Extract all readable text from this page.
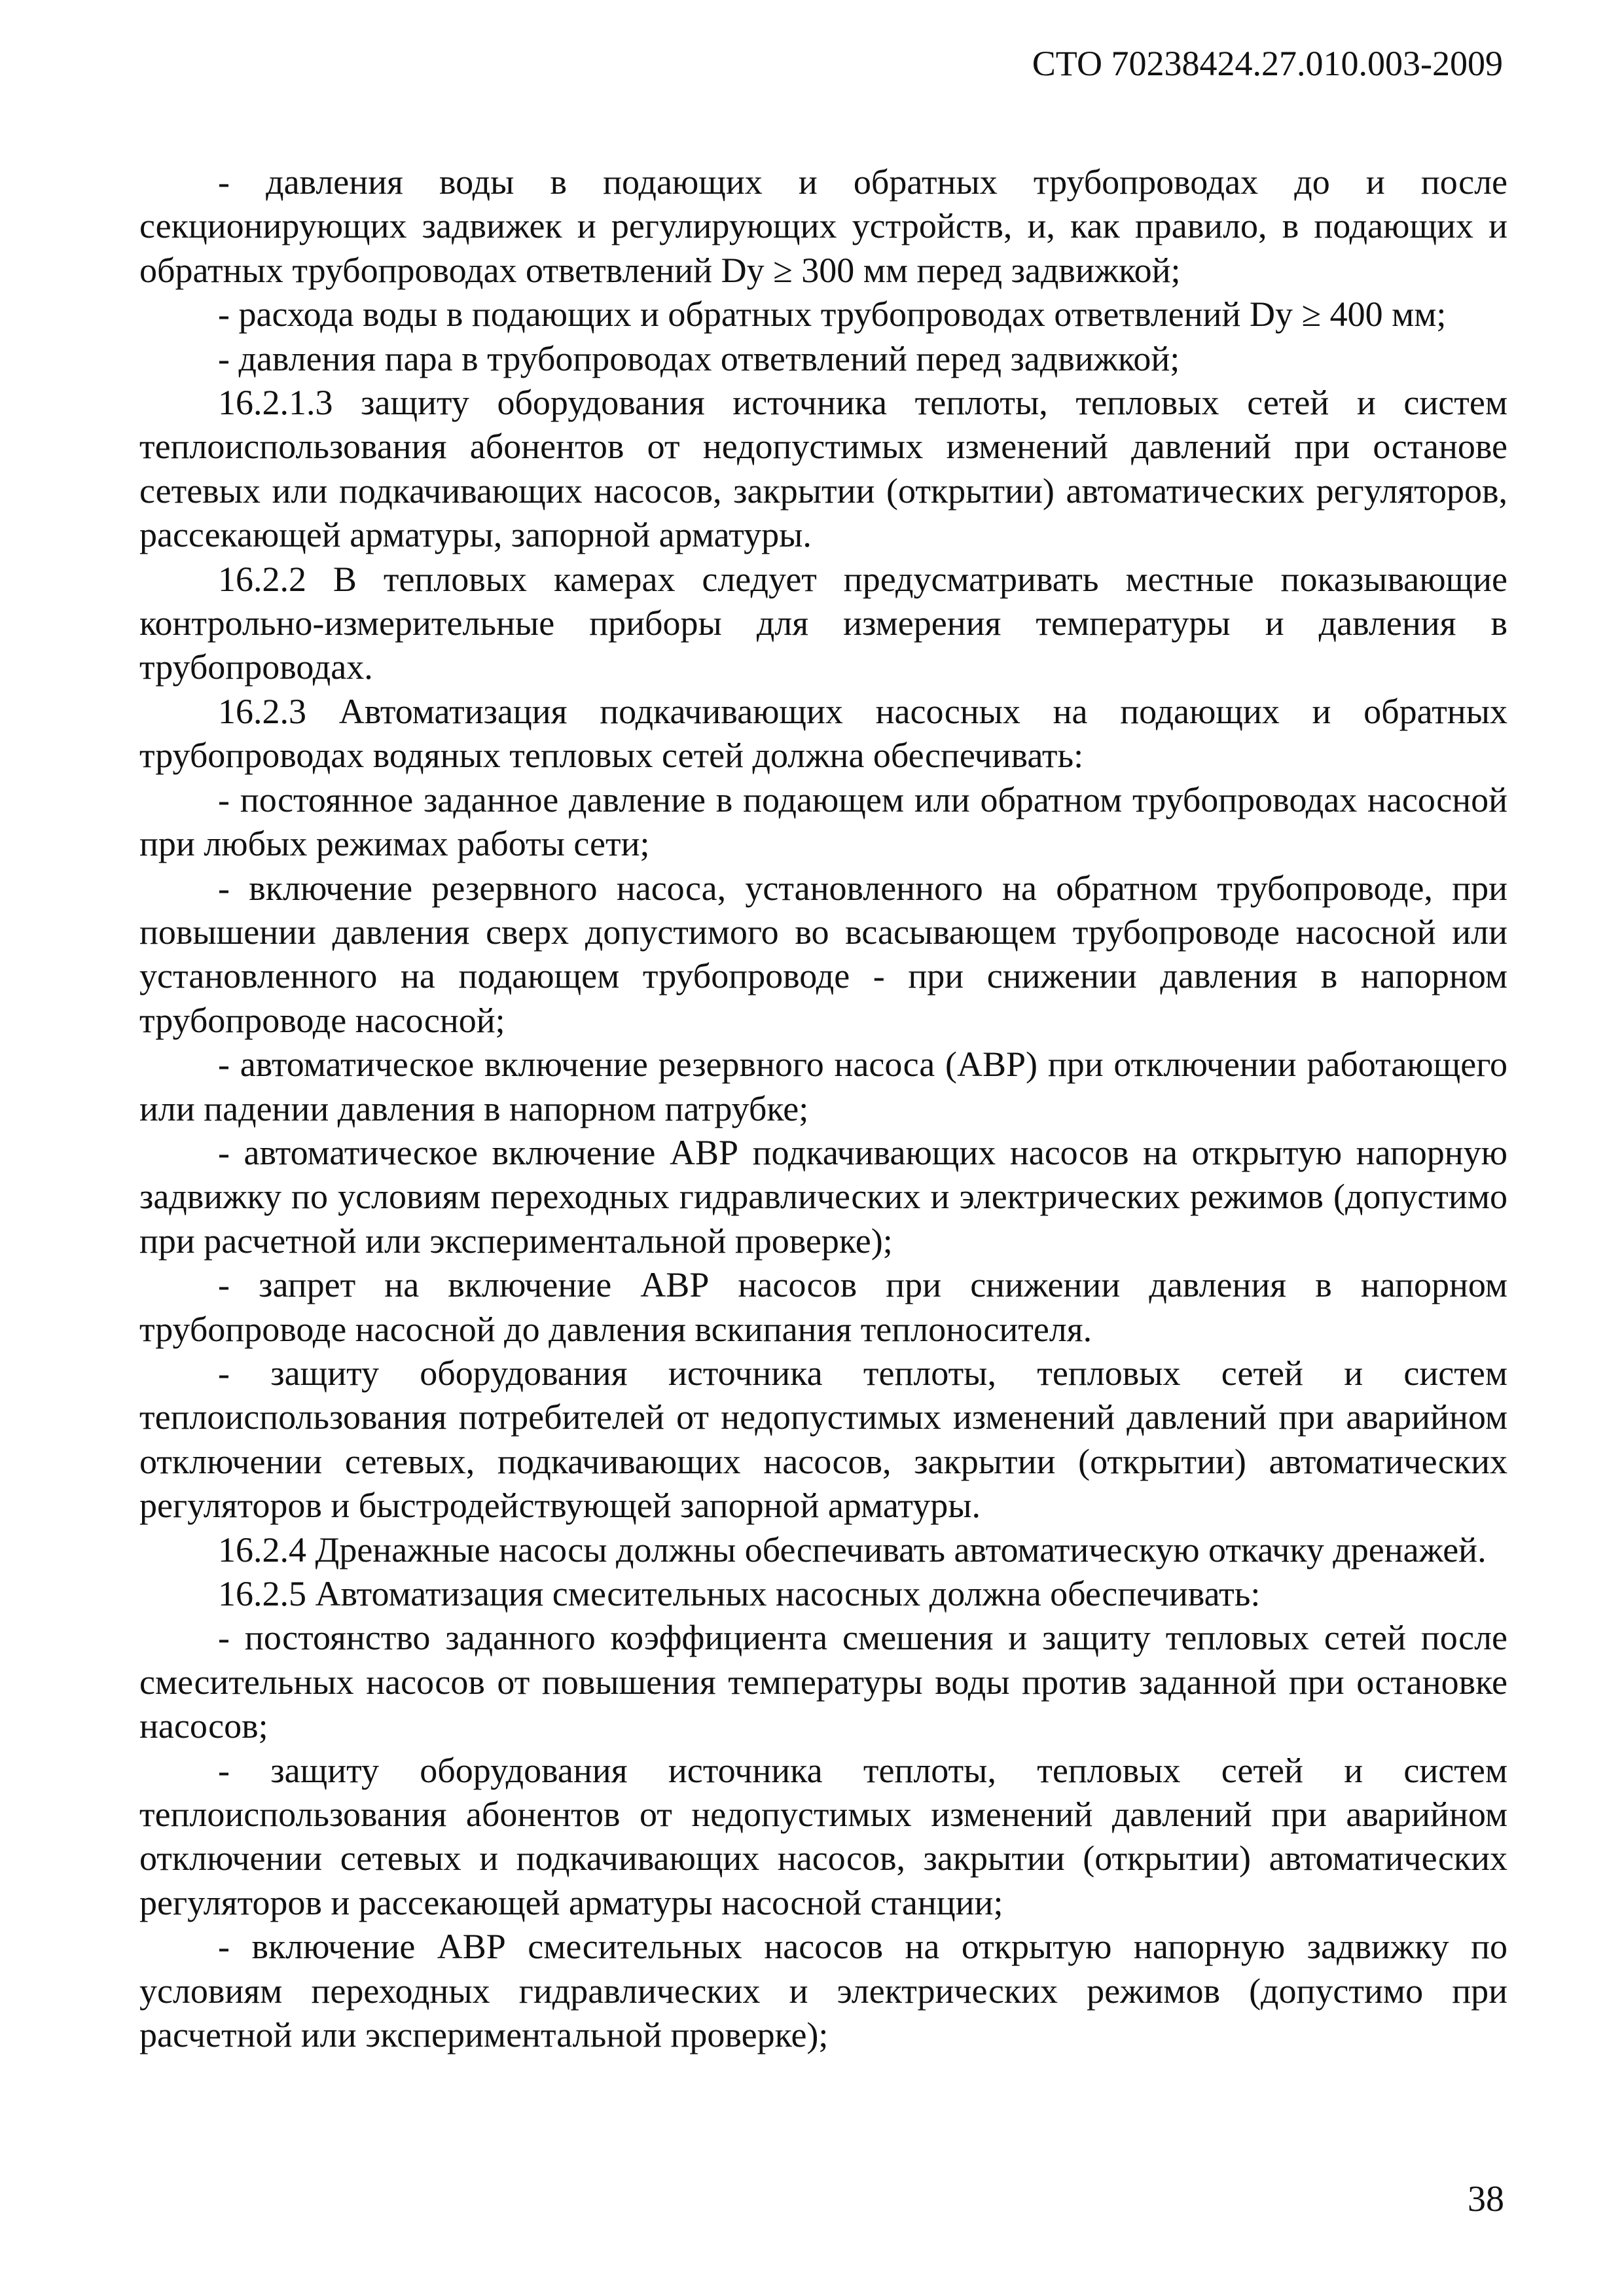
СТО 70238424.27.010.003-2009

- давления воды в подающих и обратных трубопроводах до и после секционирующих задвижек и регулирующих устройств, и, как правило, в подающих и обратных трубопроводах ответвлений Dy ≥ 300 мм перед задвижкой;

- расхода воды в подающих и обратных трубопроводах ответвлений Dy ≥ 400 мм;

- давления пара в трубопроводах ответвлений перед задвижкой;

16.2.1.3 защиту оборудования источника теплоты, тепловых сетей и систем теплоиспользования абонентов от недопустимых изменений давлений при останове сетевых или подкачивающих насосов, закрытии (открытии) автоматических регуляторов, рассекающей арматуры, запорной арматуры.

16.2.2 В тепловых камерах следует предусматривать местные показывающие контрольно-измерительные приборы для измерения температуры и давления в трубопроводах.

16.2.3 Автоматизация подкачивающих насосных на подающих и обратных трубопроводах водяных тепловых сетей должна обеспечивать:

- постоянное заданное давление в подающем или обратном трубопроводах насосной при любых режимах работы сети;

- включение резервного насоса, установленного на обратном трубопроводе, при повышении давления сверх допустимого во всасывающем трубопроводе насосной или установленного на подающем трубопроводе - при снижении давления в напорном трубопроводе насосной;

- автоматическое включение резервного насоса (АВР) при отключении работающего или падении давления в напорном патрубке;

- автоматическое включение АВР подкачивающих насосов на открытую напорную задвижку по условиям переходных гидравлических и электрических режимов (допустимо при расчетной или экспериментальной проверке);

- запрет на включение АВР насосов при снижении давления в напорном трубопроводе насосной до давления вскипания теплоносителя.

- защиту оборудования источника теплоты, тепловых сетей и систем теплоиспользования потребителей от недопустимых изменений давлений при аварийном отключении сетевых, подкачивающих насосов, закрытии (открытии) автоматических регуляторов и быстродействующей запорной арматуры.

16.2.4 Дренажные насосы должны обеспечивать автоматическую откачку дренажей.

16.2.5 Автоматизация смесительных насосных должна обеспечивать:

- постоянство заданного коэффициента смешения и защиту тепловых сетей после смесительных насосов от повышения температуры воды против заданной при остановке насосов;

- защиту оборудования источника теплоты, тепловых сетей и систем теплоиспользования абонентов от недопустимых изменений давлений при аварийном отключении сетевых и подкачивающих насосов, закрытии (открытии) автоматических регуляторов и рассекающей арматуры насосной станции;

- включение АВР смесительных насосов на открытую напорную задвижку по условиям переходных гидравлических и электрических режимов (допустимо при расчетной или экспериментальной проверке);

38
